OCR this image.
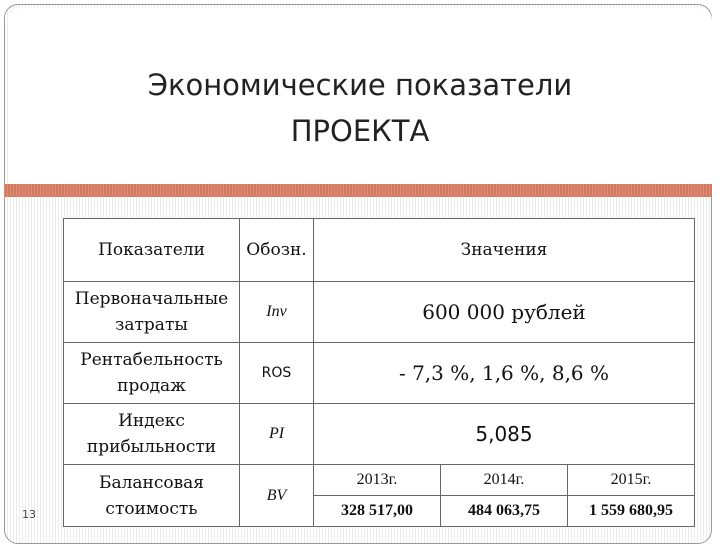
Экономические показатели
ПРОЕКТА
Показатели	Обозн.	Значения		
Первоначальные затраты	Inv	600 000 рублей		
Рентабельность продаж	ROS	- 7,3 %, 1,6 %, 8,6 %		
Индекс прибыльности	PI	5,085		
Балансовая стоимость	BV	2013г.	2014г.	2015г.
		328 517,00	484 063,75	1 559 680,95
13
